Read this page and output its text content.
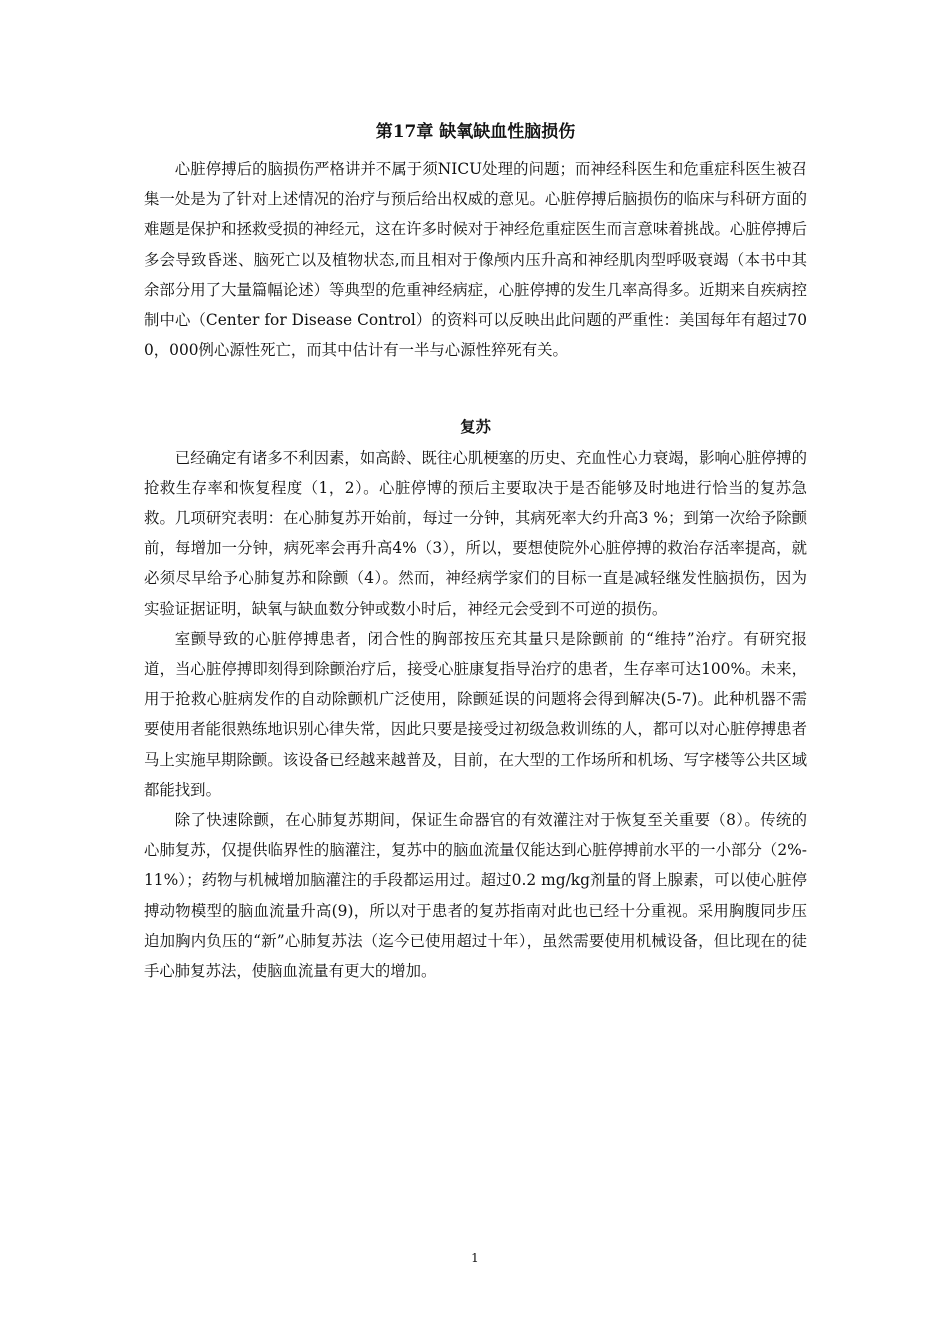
第17章 缺氧缺血性脑损伤

心脏停搏后的脑损伤严格讲并不属于须NICU处理的问题；而神经科医生和危重症科医生被召集一处是为了针对上述情况的治疗与预后给出权威的意见。心脏停搏后脑损伤的临床与科研方面的难题是保护和拯救受损的神经元，这在许多时候对于神经危重症医生而言意味着挑战。心脏停搏后多会导致昏迷、脑死亡以及植物状态,而且相对于像颅内压升高和神经肌肉型呼吸衰竭（本书中其余部分用了大量篇幅论述）等典型的危重神经病症，心脏停搏的发生几率高得多。近期来自疾病控制中心（Center for Disease Control）的资料可以反映出此问题的严重性：美国每年有超过700，000例心源性死亡，而其中估计有一半与心源性猝死有关。

复苏

已经确定有诸多不利因素，如高龄、既往心肌梗塞的历史、充血性心力衰竭，影响心脏停搏的抢救生存率和恢复程度（1，2）。心脏停博的预后主要取决于是否能够及时地进行恰当的复苏急救。几项研究表明：在心肺复苏开始前，每过一分钟，其病死率大约升高3 %；到第一次给予除颤前，每增加一分钟，病死率会再升高4%（3），所以，要想使院外心脏停搏的救治存活率提高，就必须尽早给予心肺复苏和除颤（4）。然而，神经病学家们的目标一直是减轻继发性脑损伤，因为实验证据证明，缺氧与缺血数分钟或数小时后，神经元会受到不可逆的损伤。

室颤导致的心脏停搏患者，闭合性的胸部按压充其量只是除颤前 的“维持”治疗。有研究报道，当心脏停搏即刻得到除颤治疗后，接受心脏康复指导治疗的患者，生存率可达100%。未来，用于抢救心脏病发作的自动除颤机广泛使用，除颤延误的问题将会得到解决(5-7)。此种机器不需要使用者能很熟练地识别心律失常，因此只要是接受过初级急救训练的人，都可以对心脏停搏患者马上实施早期除颤。该设备已经越来越普及，目前，在大型的工作场所和机场、写字楼等公共区域都能找到。

除了快速除颤，在心肺复苏期间，保证生命器官的有效灌注对于恢复至关重要（8）。传统的心肺复苏，仅提供临界性的脑灌注，复苏中的脑血流量仅能达到心脏停搏前水平的一小部分（2%-11%）；药物与机械增加脑灌注的手段都运用过。超过0.2 mg/kg剂量的肾上腺素，可以使心脏停搏动物模型的脑血流量升高(9)，所以对于患者的复苏指南对此也已经十分重视。采用胸腹同步压迫加胸内负压的“新”心肺复苏法（迄今已使用超过十年），虽然需要使用机械设备，但比现在的徒手心肺复苏法，使脑血流量有更大的增加。

1
